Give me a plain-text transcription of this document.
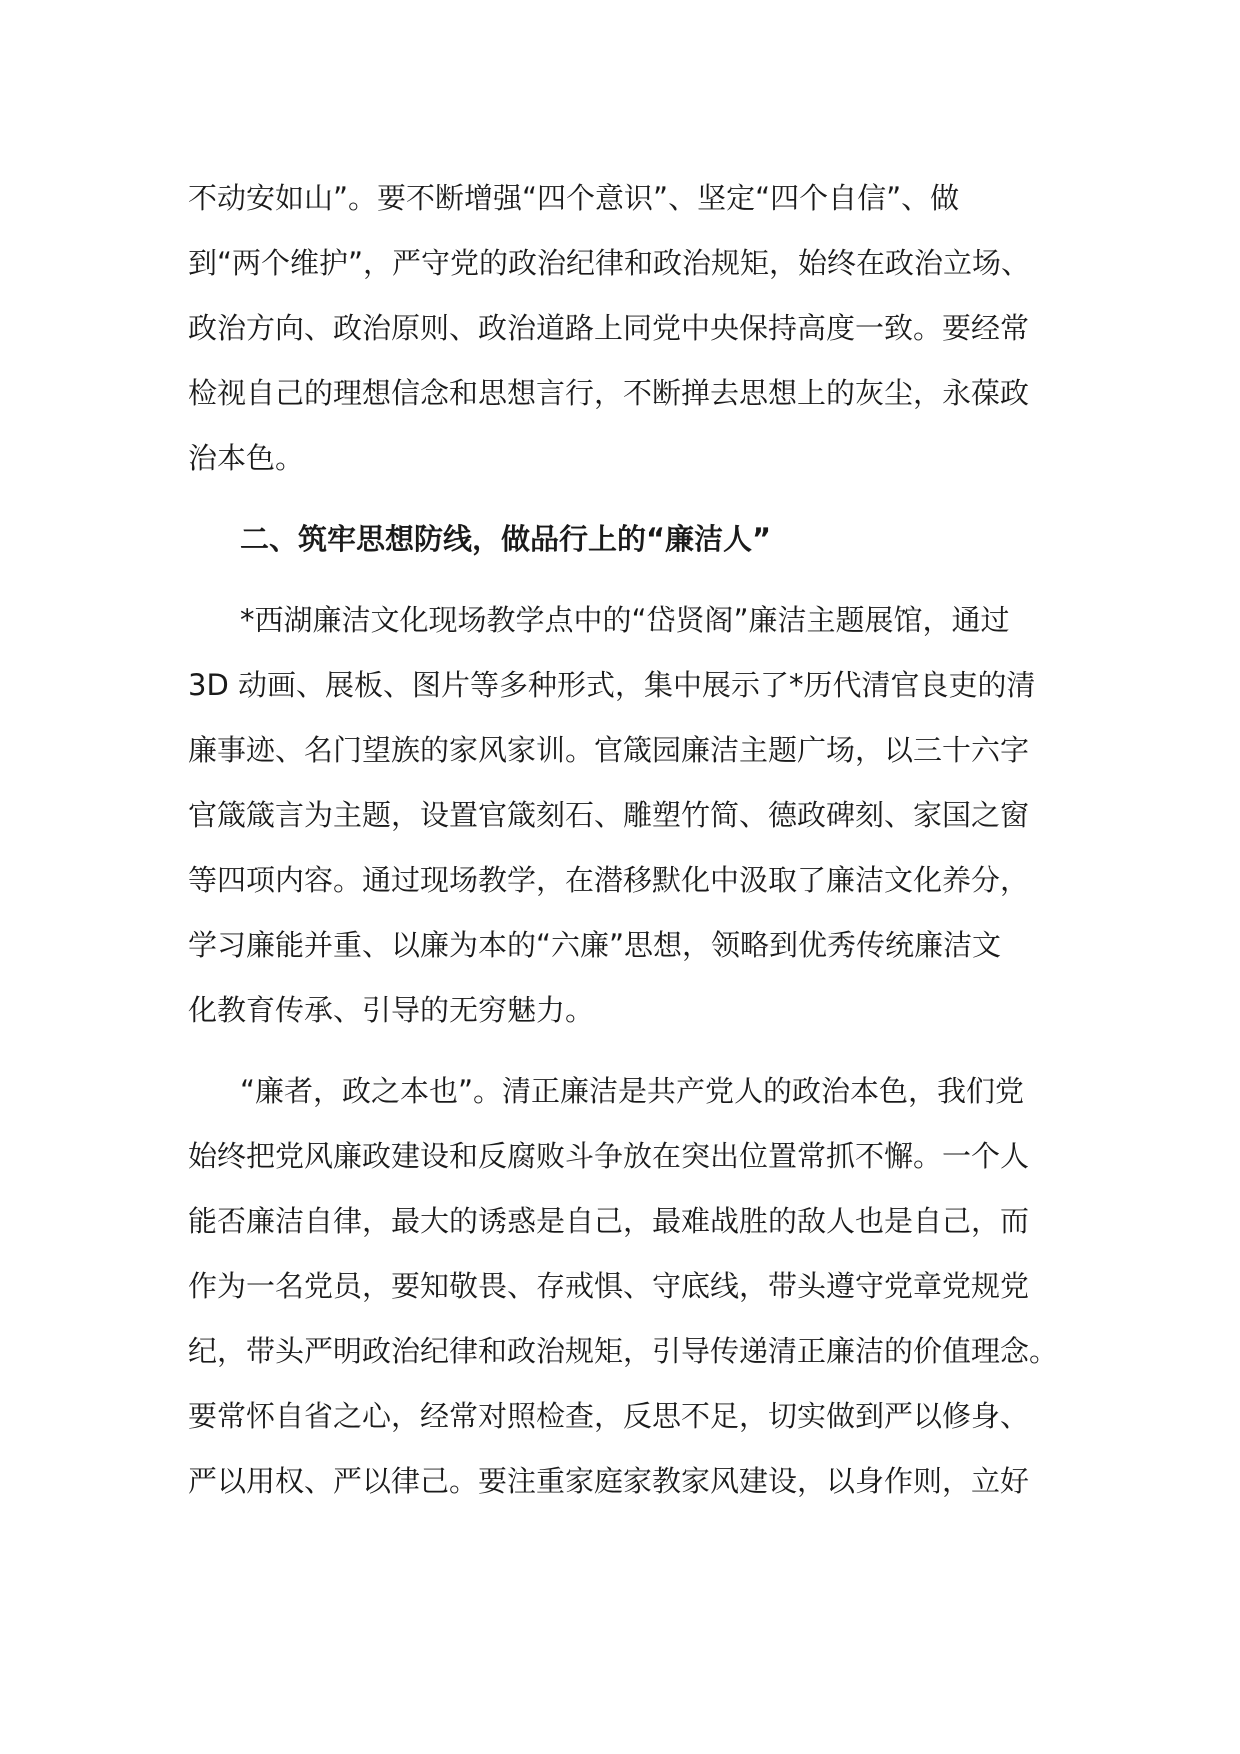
不动安如山”。要不断增强“四个意识”、坚定“四个自信”、做
到“两个维护”，严守党的政治纪律和政治规矩，始终在政治立场、
政治方向、政治原则、政治道路上同党中央保持高度一致。要经常
检视自己的理想信念和思想言行，不断掸去思想上的灰尘，永葆政
治本色。

二、筑牢思想防线，做品行上的“廉洁人”

*西湖廉洁文化现场教学点中的“岱贤阁”廉洁主题展馆，通过
3D 动画、展板、图片等多种形式，集中展示了*历代清官良吏的清
廉事迹、名门望族的家风家训。官箴园廉洁主题广场，以三十六字
官箴箴言为主题，设置官箴刻石、雕塑竹简、德政碑刻、家国之窗
等四项内容。通过现场教学，在潜移默化中汲取了廉洁文化养分，
学习廉能并重、以廉为本的“六廉”思想，领略到优秀传统廉洁文
化教育传承、引导的无穷魅力。

“廉者，政之本也”。清正廉洁是共产党人的政治本色，我们党
始终把党风廉政建设和反腐败斗争放在突出位置常抓不懈。一个人
能否廉洁自律，最大的诱惑是自己，最难战胜的敌人也是自己，而
作为一名党员，要知敬畏、存戒惧、守底线，带头遵守党章党规党
纪，带头严明政治纪律和政治规矩，引导传递清正廉洁的价值理念。
要常怀自省之心，经常对照检查，反思不足，切实做到严以修身、
严以用权、严以律己。要注重家庭家教家风建设，以身作则，立好
